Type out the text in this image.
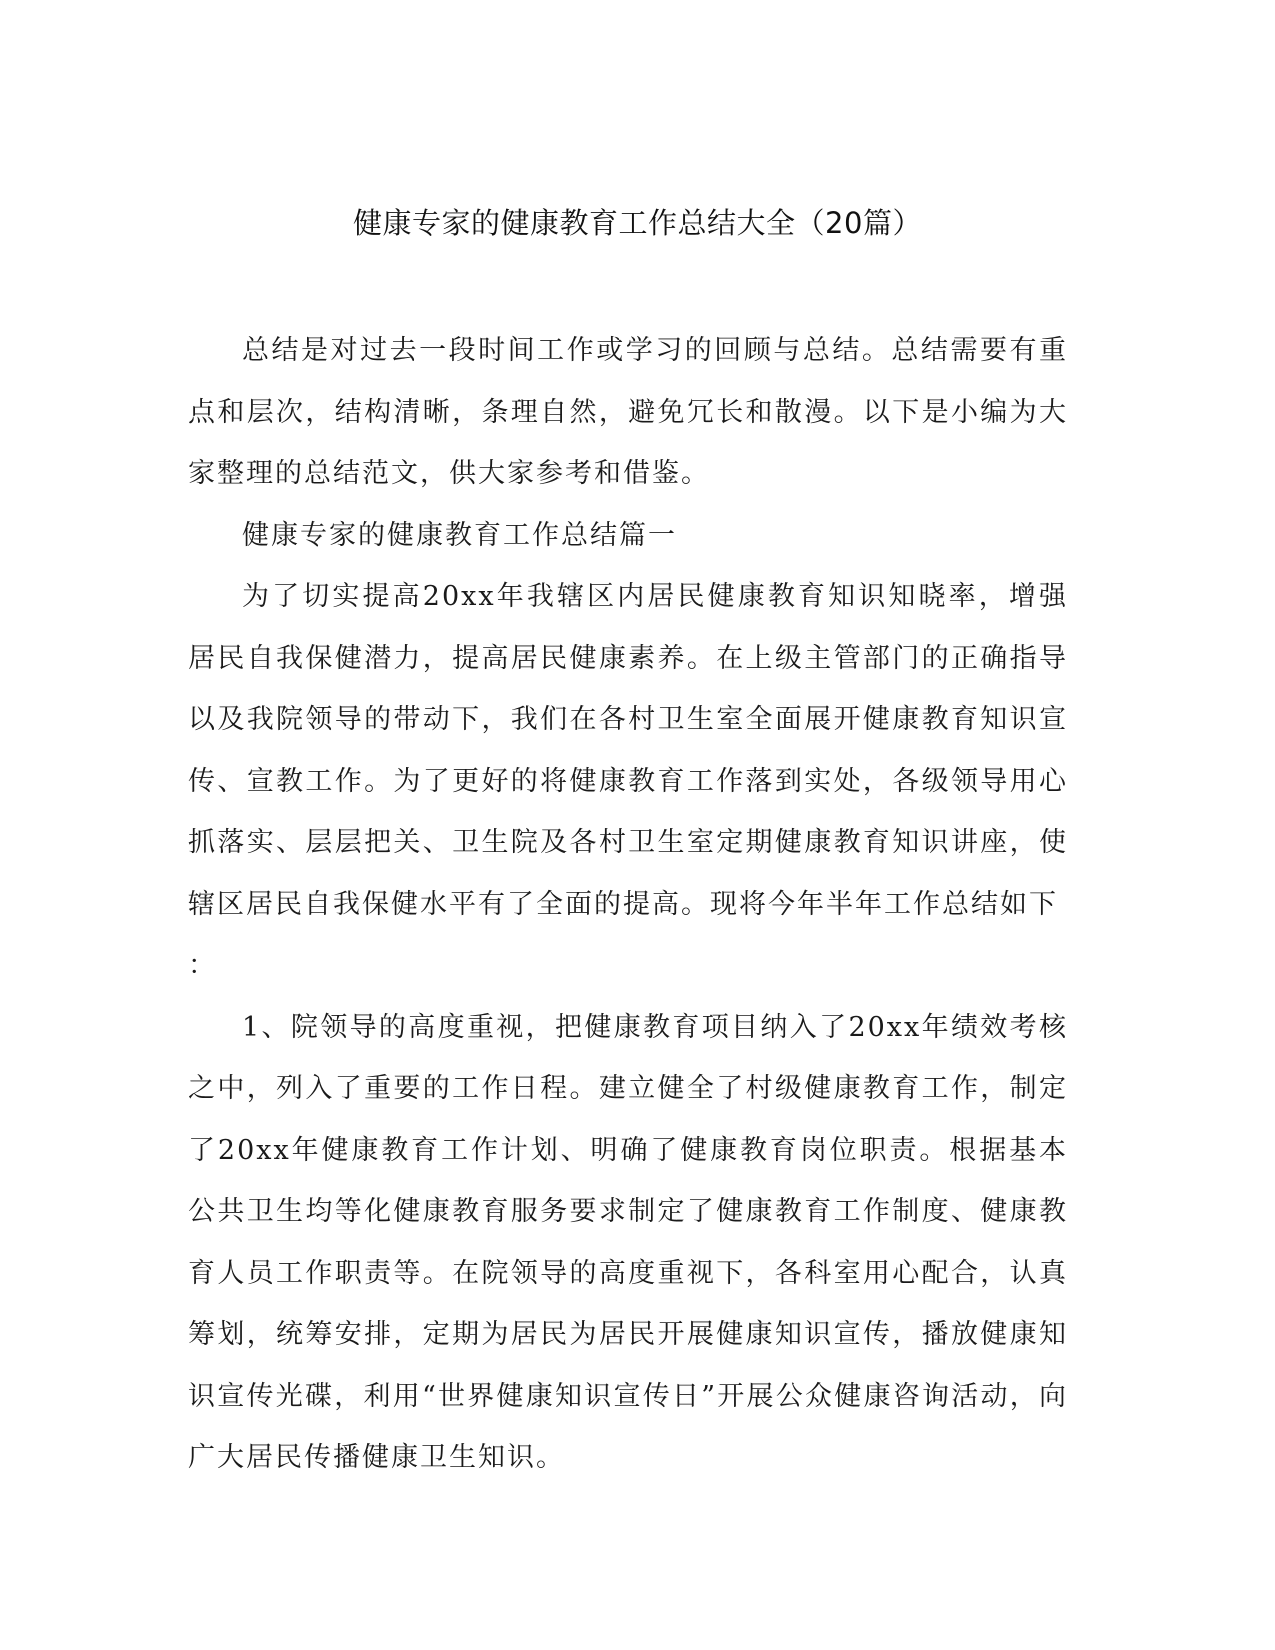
健康专家的健康教育工作总结大全（20篇）

总结是对过去一段时间工作或学习的回顾与总结。总结需要有重点和层次，结构清晰，条理自然，避免冗长和散漫。以下是小编为大家整理的总结范文，供大家参考和借鉴。

健康专家的健康教育工作总结篇一

为了切实提高20xx年我辖区内居民健康教育知识知晓率，增强居民自我保健潜力，提高居民健康素养。在上级主管部门的正确指导以及我院领导的带动下，我们在各村卫生室全面展开健康教育知识宣传、宣教工作。为了更好的将健康教育工作落到实处，各级领导用心抓落实、层层把关、卫生院及各村卫生室定期健康教育知识讲座，使辖区居民自我保健水平有了全面的提高。现将今年半年工作总结如下

：

1、院领导的高度重视，把健康教育项目纳入了20xx年绩效考核之中，列入了重要的工作日程。建立健全了村级健康教育工作，制定了20xx年健康教育工作计划、明确了健康教育岗位职责。根据基本公共卫生均等化健康教育服务要求制定了健康教育工作制度、健康教育人员工作职责等。在院领导的高度重视下，各科室用心配合，认真筹划，统筹安排，定期为居民为居民开展健康知识宣传，播放健康知识宣传光碟，利用“世界健康知识宣传日”开展公众健康咨询活动，向广大居民传播健康卫生知识。
